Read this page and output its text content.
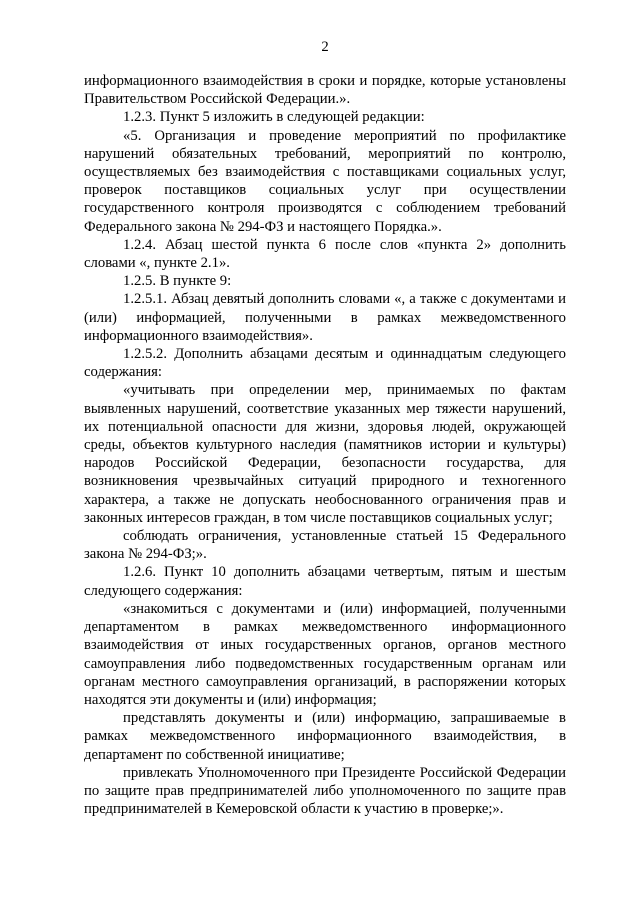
2

информационного взаимодействия в сроки и порядке, которые установлены Правительством Российской Федерации.».

1.2.3. Пункт 5 изложить в следующей редакции:

«5. Организация и проведение мероприятий по профилактике нарушений обязательных требований, мероприятий по контролю, осуществляемых без взаимодействия с поставщиками социальных услуг, проверок поставщиков социальных услуг при осуществлении государственного контроля производятся с соблюдением требований Федерального закона № 294-ФЗ и настоящего Порядка.».

1.2.4. Абзац шестой пункта 6 после слов «пункта 2» дополнить словами «, пункте 2.1».

1.2.5. В пункте 9:

1.2.5.1. Абзац девятый дополнить словами «, а также с документами и (или) информацией, полученными в рамках межведомственного информационного взаимодействия».

1.2.5.2. Дополнить абзацами десятым и одиннадцатым следующего содержания:

«учитывать при определении мер, принимаемых по фактам выявленных нарушений, соответствие указанных мер тяжести нарушений, их потенциальной опасности для жизни, здоровья людей, окружающей среды, объектов культурного наследия (памятников истории и культуры) народов Российской Федерации, безопасности государства, для возникновения чрезвычайных ситуаций природного и техногенного характера, а также не допускать необоснованного ограничения прав и законных интересов граждан, в том числе поставщиков социальных услуг;

соблюдать ограничения, установленные статьей 15 Федерального закона № 294-ФЗ;».

1.2.6. Пункт 10 дополнить абзацами четвертым, пятым и шестым следующего содержания:

«знакомиться с документами и (или) информацией, полученными департаментом в рамках межведомственного информационного взаимодействия от иных государственных органов, органов местного самоуправления либо подведомственных государственным органам или органам местного самоуправления организаций, в распоряжении которых находятся эти документы и (или) информация;

представлять документы и (или) информацию, запрашиваемые в рамках межведомственного информационного взаимодействия, в департамент по собственной инициативе;

привлекать Уполномоченного при Президенте Российской Федерации по защите прав предпринимателей либо уполномоченного по защите прав предпринимателей в Кемеровской области к участию в проверке;».
